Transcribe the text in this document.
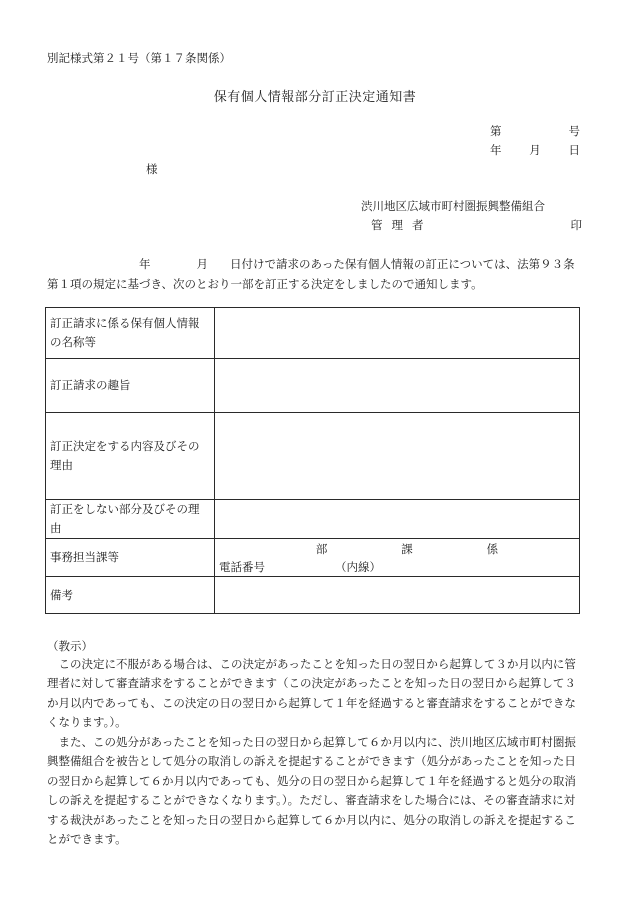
別記様式第２１号（第１７条関係）
保有個人情報部分訂正決定通知書
第	号
年 月 日
様
渋川地区広域市町村圏振興整備組合
管理者	印
年	月 日付けで請求のあった保有個人情報の訂正については、法第９３条第１項の規定に基づき、次のとおり一部を訂正する決定をしましたので通知します。
訂正請求に係る保有個人情報の名称等	
訂正請求の趣旨	
訂正決定をする内容及びその理由	
訂正をしない部分及びその理由	
事務担当課等	部 課 係
電話番号 （内線）

備考	
（教示）

この決定に不服がある場合は、この決定があったことを知った日の翌日から起算して３か月以内に管理者に対して審査請求をすることができます（この決定があったことを知った日の翌日から起算して３か月以内であっても、この決定の日の翌日から起算して１年を経過すると審査請求をすることができなくなります。）。

また、この処分があったことを知った日の翌日から起算して６か月以内に、渋川地区広域市町村圏振興整備組合を被告として処分の取消しの訴えを提起することができます（処分があったことを知った日の翌日から起算して６か月以内であっても、処分の日の翌日から起算して１年を経過すると処分の取消しの訴えを提起することができなくなります。）。ただし、審査請求をした場合には、その審査請求に対する裁決があったことを知った日の翌日から起算して６か月以内に、処分の取消しの訴えを提起することができます。
